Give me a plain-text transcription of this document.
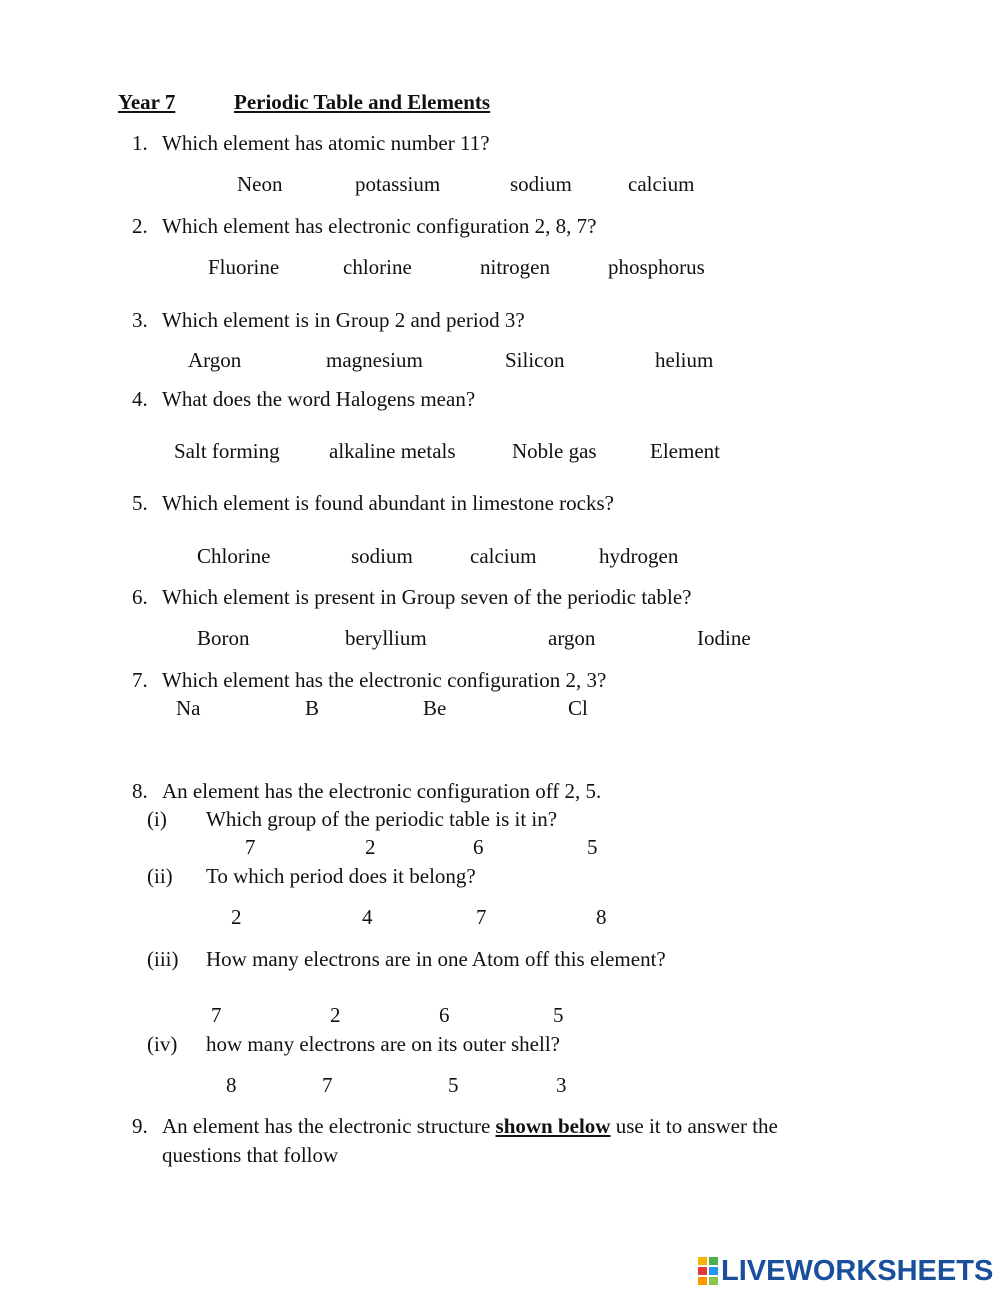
Year 7	Periodic Table and Elements
1. Which element has atomic number 11?
Neon	potassium	sodium	calcium
2. Which element has electronic configuration 2, 8, 7?
Fluorine	chlorine	nitrogen	phosphorus
3. Which element is in Group 2 and period 3?
Argon	magnesium	Silicon	helium
4. What does the word Halogens mean?
Salt forming alkaline metals	Noble gas	Element
5. Which element is found abundant in limestone rocks?
Chlorine	sodium	calcium	hydrogen
6. Which element is present in Group seven of the periodic table?
Boron	beryllium	argon	Iodine
7. Which element has the electronic configuration 2, 3?
Na	B	Be	Cl
8. An element has the electronic configuration off 2, 5.
(i) Which group of the periodic table is it in?
7	2	6	5
(ii) To which period does it belong?
2	4	7	8
(iii) How many electrons are in one Atom off this element?
7	2	6	5
(iv) how many electrons are on its outer shell?
8	7	5	3
9. An element has the electronic structure shown below use it to answer the
questions that follow
LIVEWORKSHEETS
